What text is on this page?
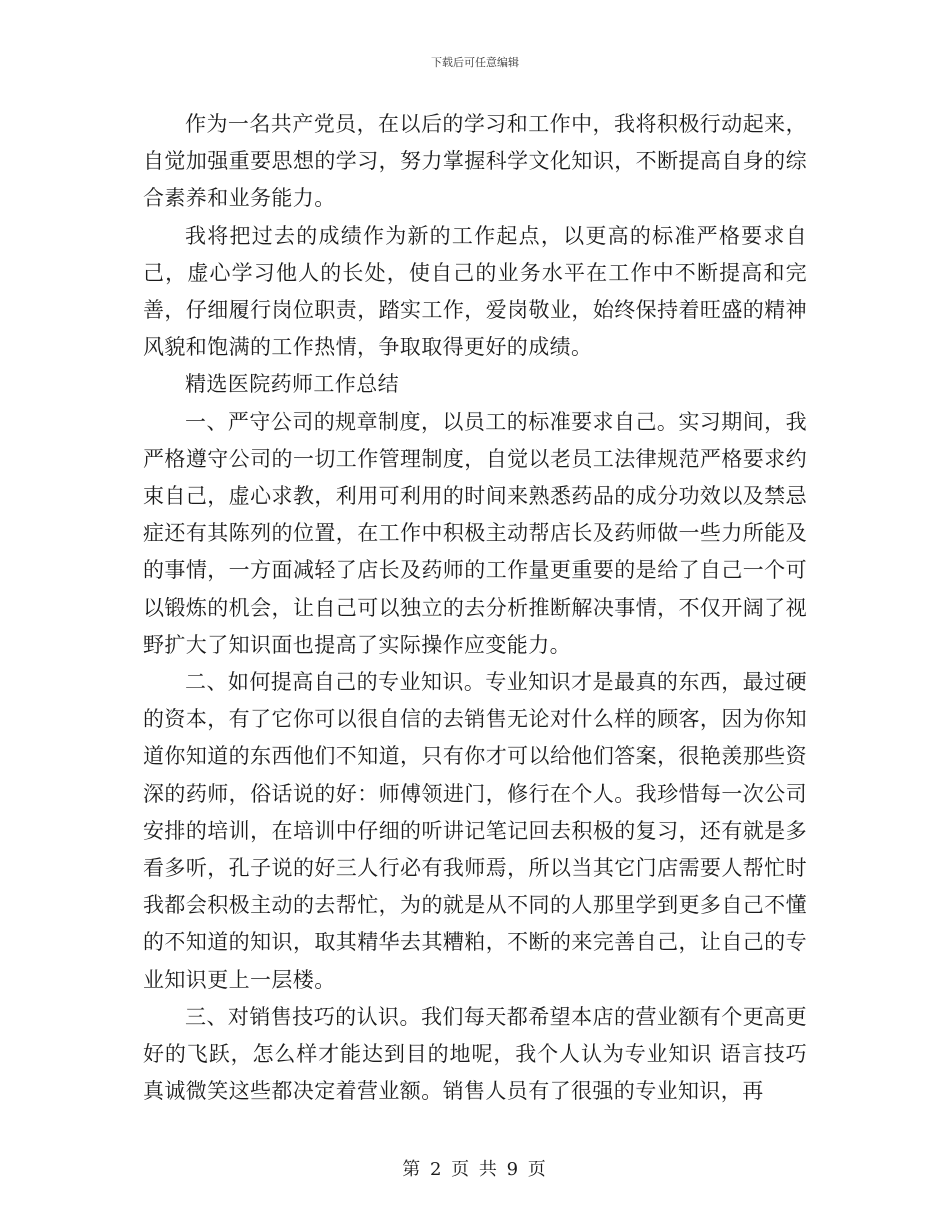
下载后可任意编辑

作为一名共产党员，在以后的学习和工作中，我将积极行动起来，自觉加强重要思想的学习，努力掌握科学文化知识，不断提高自身的综合素养和业务能力。

我将把过去的成绩作为新的工作起点，以更高的标准严格要求自己，虚心学习他人的长处，使自己的业务水平在工作中不断提高和完善，仔细履行岗位职责，踏实工作，爱岗敬业，始终保持着旺盛的精神风貌和饱满的工作热情，争取取得更好的成绩。

精选医院药师工作总结

一、严守公司的规章制度，以员工的标准要求自己。实习期间，我严格遵守公司的一切工作管理制度，自觉以老员工法律规范严格要求约束自己，虚心求教，利用可利用的时间来熟悉药品的成分功效以及禁忌症还有其陈列的位置，在工作中积极主动帮店长及药师做一些力所能及的事情，一方面减轻了店长及药师的工作量更重要的是给了自己一个可以锻炼的机会，让自己可以独立的去分析推断解决事情，不仅开阔了视野扩大了知识面也提高了实际操作应变能力。

二、如何提高自己的专业知识。专业知识才是最真的东西，最过硬的资本，有了它你可以很自信的去销售无论对什么样的顾客，因为你知道你知道的东西他们不知道，只有你才可以给他们答案，很艳羡那些资深的药师，俗话说的好：师傅领进门，修行在个人。我珍惜每一次公司安排的培训，在培训中仔细的听讲记笔记回去积极的复习，还有就是多看多听，孔子说的好三人行必有我师焉，所以当其它门店需要人帮忙时我都会积极主动的去帮忙，为的就是从不同的人那里学到更多自己不懂的不知道的知识，取其精华去其糟粕，不断的来完善自己，让自己的专业知识更上一层楼。

三、对销售技巧的认识。我们每天都希望本店的营业额有个更高更好的飞跃，怎么样才能达到目的地呢，我个人认为专业知识 语言技巧 真诚微笑这些都决定着营业额。销售人员有了很强的专业知识，再

第 2 页 共 9 页
